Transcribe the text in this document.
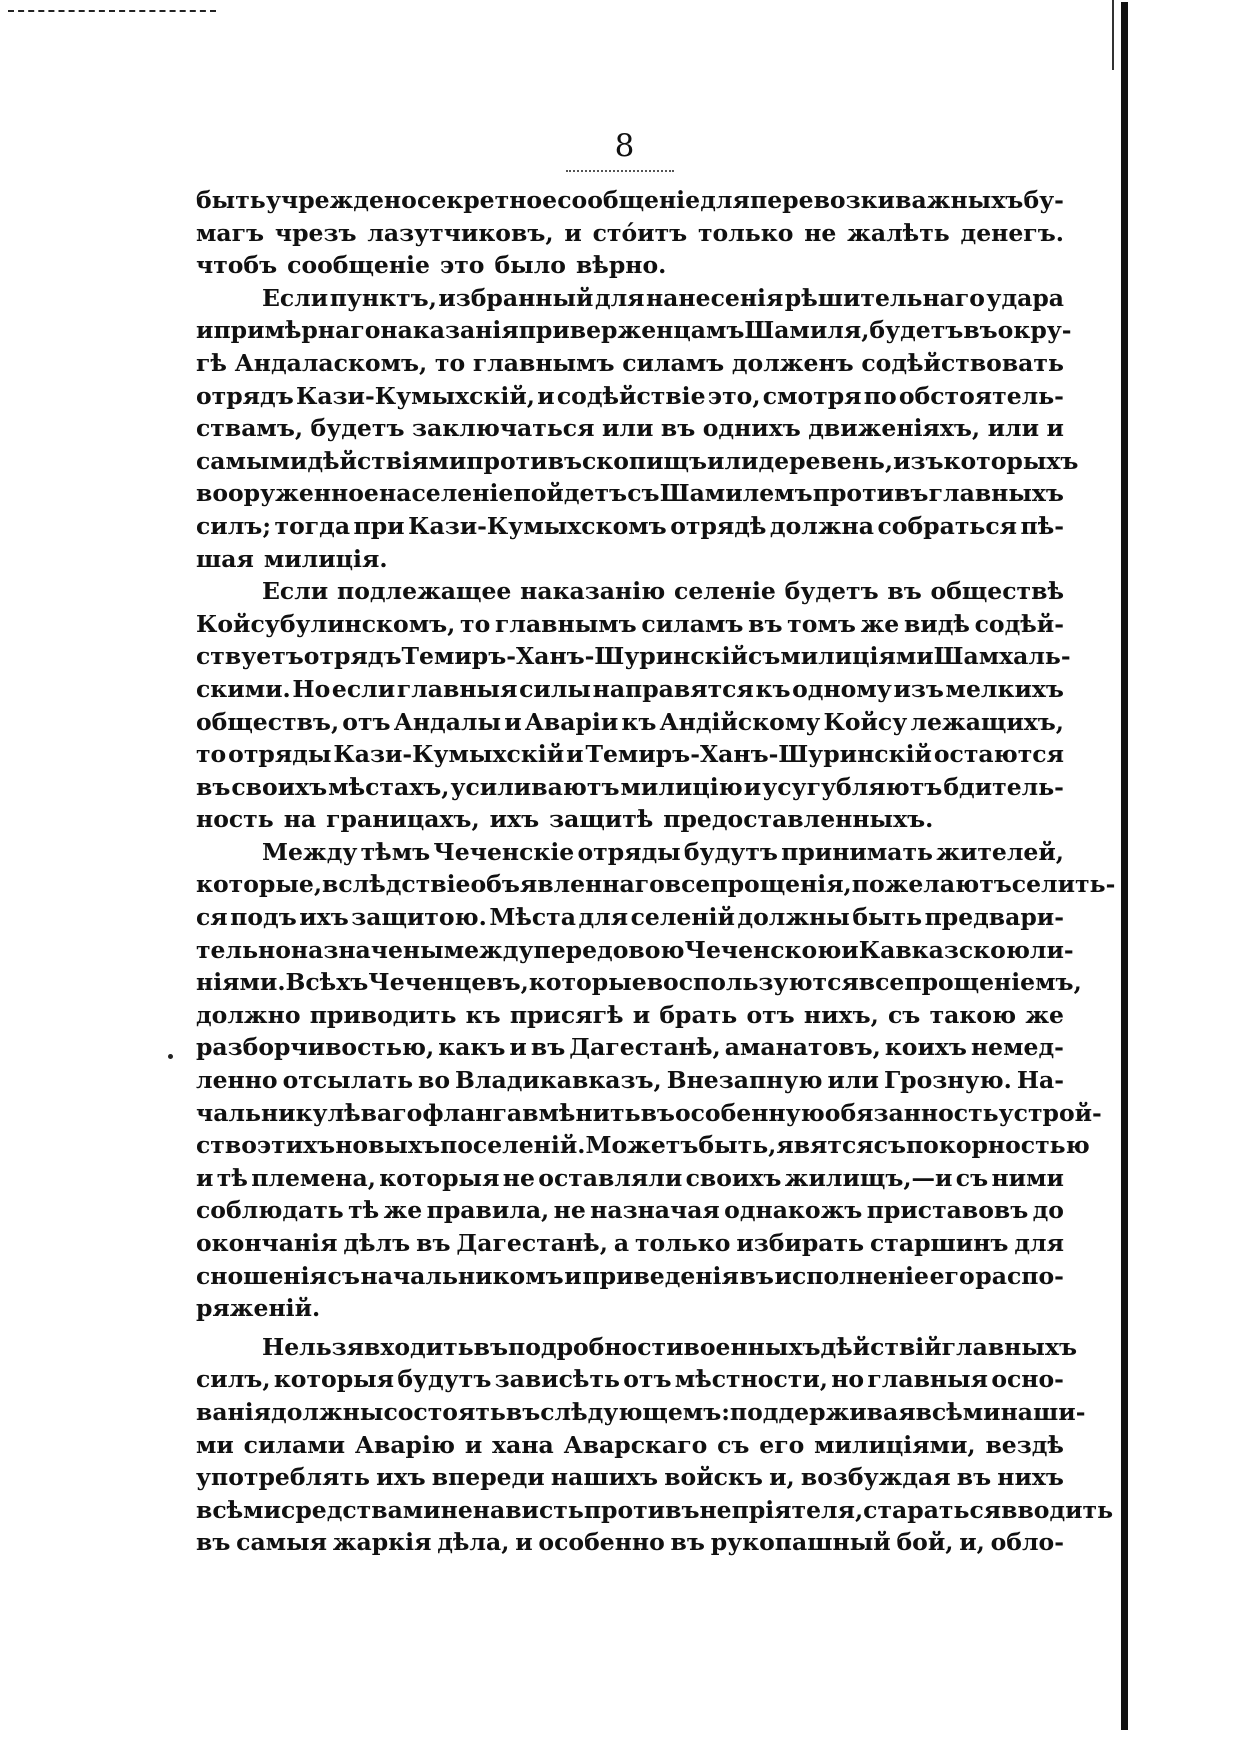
8
быть учреждено секретное сообщеніе для перевозки важныхъ бу-
магъ чрезъ лазутчиковъ, и стóитъ только не жалѣть денегъ.
чтобъ сообщеніе это было вѣрно.
Если пунктъ, избранный для нанесенія рѣшительнаго удара
и примѣрнаго наказанія приверженцамъ Шамиля, будетъ въ окру-
гѣ Андаласкомъ, то главнымъ силамъ долженъ содѣйствовать
отрядъ Кази-Кумыхскій, и содѣйствіе это, смотря по обстоятель-
ствамъ, будетъ заключаться или въ однихъ движеніяхъ, или и
самыми дѣйствіями противъ скопищъ или деревень, изъ которыхъ
вооруженное населеніе пойдетъ съ Шамилемъ противъ главныхъ
силъ; тогда при Кази-Кумыхскомъ отрядѣ должна собраться пѣ-
шая милиція.
Если подлежащее наказанію селеніе будетъ въ обществѣ
Койсубулинскомъ, то главнымъ силамъ въ томъ же видѣ содѣй-
ствуетъ отрядъ Темиръ-Ханъ-Шуринскій съ милиціями Шамхаль-
скими. Но если главныя силы направятся къ одному изъ мелкихъ
обществъ, отъ Андалы и Аваріи къ Андійскому Койсу лежащихъ,
то отряды Кази-Кумыхскій и Темиръ-Ханъ-Шуринскій остаются
въ своихъ мѣстахъ, усиливаютъ милицію и усугубляютъ бдитель-
ность на границахъ, ихъ защитѣ предоставленныхъ.
Между тѣмъ Чеченскіе отряды будутъ принимать жителей,
которые, вслѣдствіе объявленнаго всепрощенія, пожелаютъ селить-
ся подъ ихъ защитою. Мѣста для селеній должны быть предвари-
тельно назначены между передовою Чеченскою и Кавказскою ли-
ніями. Всѣхъ Чеченцевъ, которые воспользуются всепрощеніемъ,
должно приводить къ присягѣ и брать отъ нихъ, съ такою же
разборчивостью, какъ и въ Дагестанѣ, аманатовъ, коихъ немед-
ленно отсылать во Владикавказъ, Внезапную или Грозную. На-
чальнику лѣваго фланга вмѣнить въ особенную обязанность устрой-
ство этихъ новыхъ поселеній. Можетъ быть, явятся съ покорностью
и тѣ племена, которыя не оставляли своихъ жилищъ,—и съ ними
соблюдать тѣ же правила, не назначая однакожъ приставовъ до
окончанія дѣлъ въ Дагестанѣ, а только избирать старшинъ для
сношенія съ начальникомъ и приведенія въ исполненіе его распо-
ряженій.
Нельзя входить въ подробности военныхъ дѣйствій главныхъ
силъ, которыя будутъ зависѣть отъ мѣстности, но главныя осно-
ванія должны состоять въ слѣдующемъ: поддерживая всѣми наши-
ми силами Аварію и хана Аварскаго съ его милиціями, вездѣ
употреблять ихъ впереди нашихъ войскъ и, возбуждая въ нихъ
всѣми средствами ненависть противъ непріятеля, стараться вводить
въ самыя жаркія дѣла, и особенно въ рукопашный бой, и, обло-
